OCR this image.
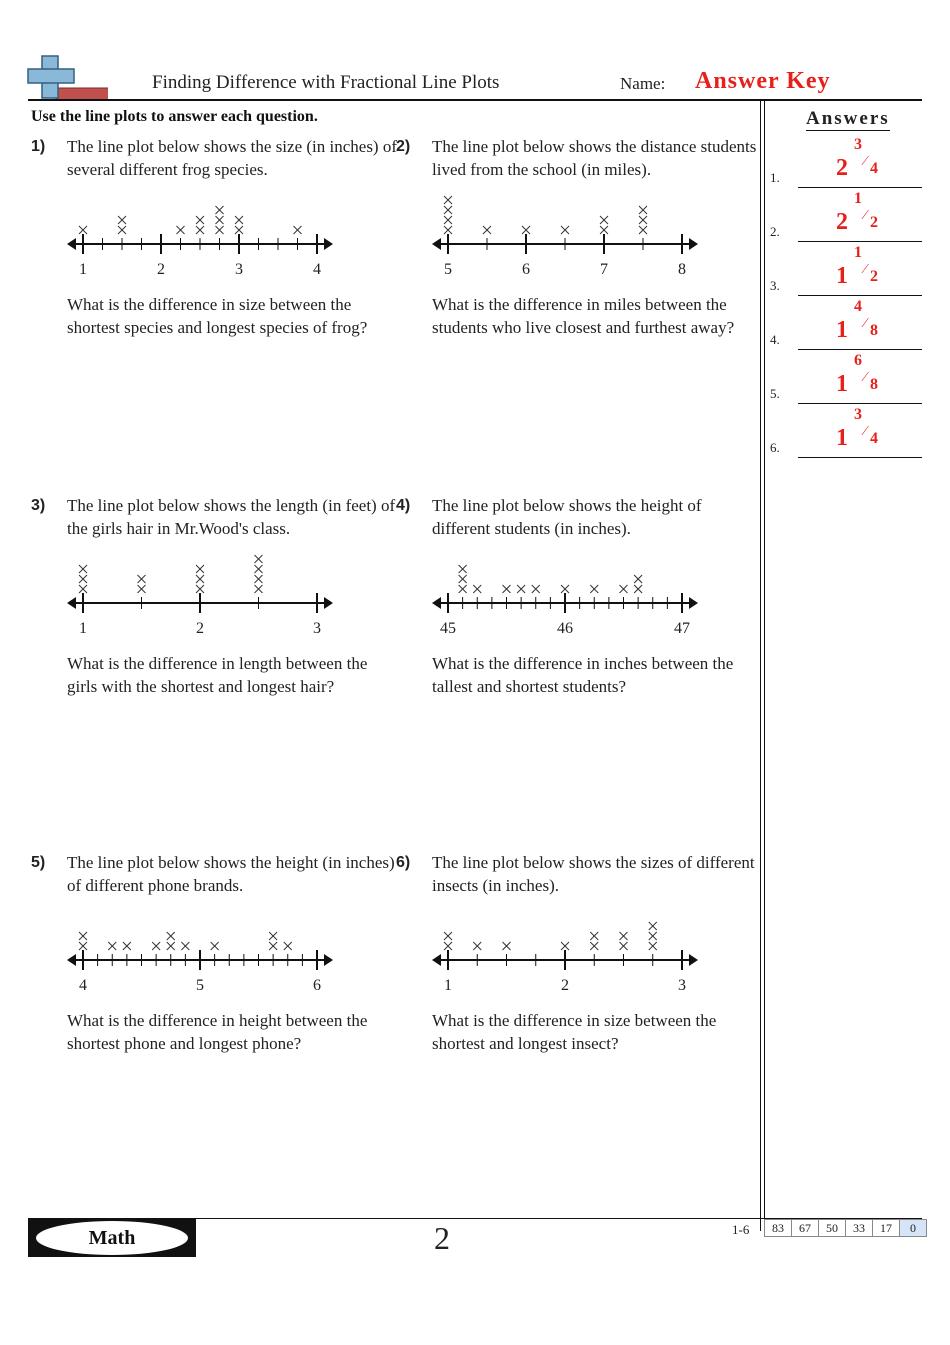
Finding Difference with Fractional Line Plots	Name: Answer Key
Use the line plots to answer each question.	Answers
1. 2
3
⁄ 4
2. 2
1
⁄ 2
3. 1
1
⁄ 2
4. 1
4
⁄ 8
5. 1
6
⁄ 8
6. 1
3
⁄ 4
1) The line plot below shows the size (in inches) of several different frog species.
What is the difference in size between the shortest species and longest species of frog?
1	2	3	4
2) The line plot below shows the distance students lived from the school (in miles).
What is the difference in miles between the students who live closest and furthest away?
5	6	7	8
3) The line plot below shows the length (in feet) of the girls hair in Mr.Wood's class.
What is the difference in length between the girls with the shortest and longest hair?
1	2	3
4) The line plot below shows the height of different students (in inches).
What is the difference in inches between the tallest and shortest students?
45	46	47
5) The line plot below shows the height (in inches) of different phone brands.
What is the difference in height between the shortest phone and longest phone?
4	5	6
6) The line plot below shows the sizes of different insects (in inches).
What is the difference in size between the shortest and longest insect?
1	2	3
Math	2	1-6	83	67	50	33	17	0
